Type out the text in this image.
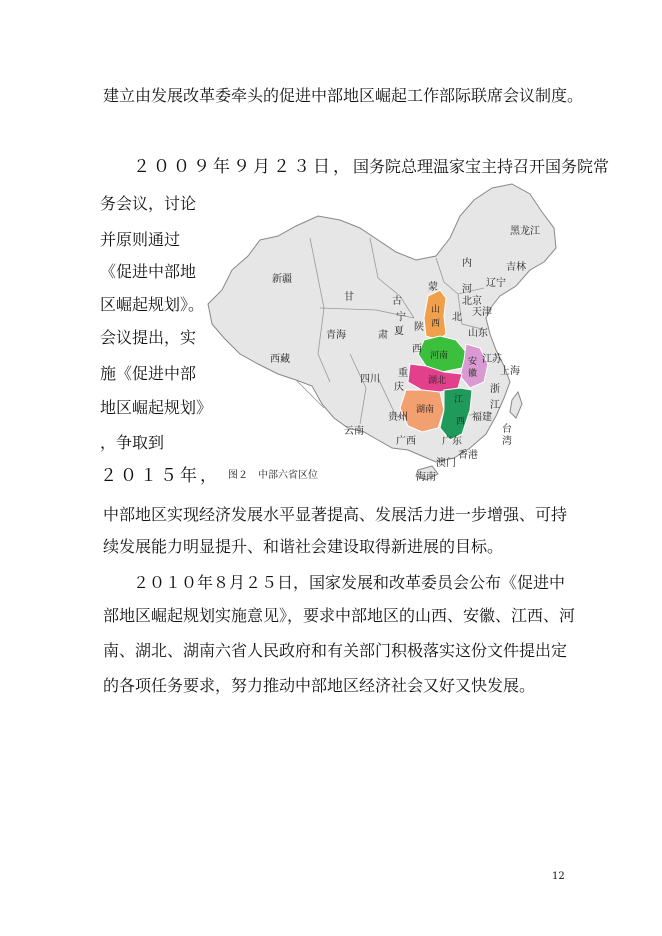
建立由发展改革委牵头的促进中部地区崛起工作部际联席会议制度。
２００９年９月２３日，国务院总理温家宝主持召开国务院常
务会议，讨论
并原则通过
《促进中部地
区崛起规划》。
会议提出，实
施《促进中部
地区崛起规划》
，争取到
２０１５年，
黑龙江
吉林
辽宁
内
蒙
新疆
西藏
青海
甘
肃
宁
夏
古
陕
西
河
北
北京
天津
山东
江苏
上海
浙
江
福建
台
湾
四川
重
庆
贵州
云南
广西	广东
香港
澳门
海南
山
西
河南
安
徽
湖北
湖南
江
西
图２　中部六省区位
中部地区实现经济发展水平显著提高、发展活力进一步增强、可持
续发展能力明显提升、和谐社会建设取得新进展的目标。
２０１０年８月２５日，国家发展和改革委员会公布《促进中
部地区崛起规划实施意见》，要求中部地区的山西、安徽、江西、河
南、湖北、湖南六省人民政府和有关部门积极落实这份文件提出定
的各项任务要求，努力推动中部地区经济社会又好又快发展。
12
